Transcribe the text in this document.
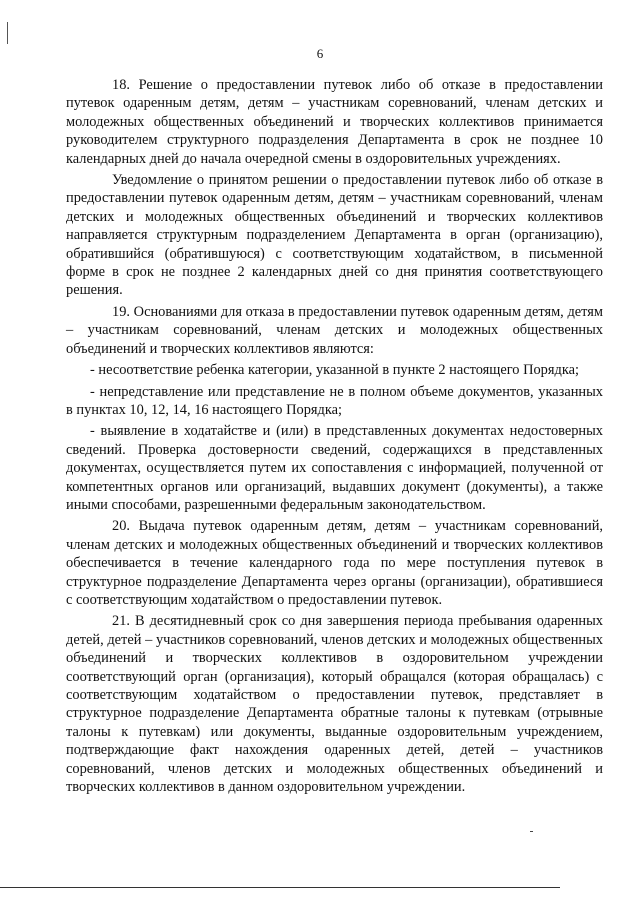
6

18. Решение о предоставлении путевок либо об отказе в предоставлении путевок одаренным детям, детям – участникам соревнований, членам детских и молодежных общественных объединений и творческих коллективов принимается руководителем структурного подразделения Департамента в срок не позднее 10 календарных дней до начала очередной смены в оздоровительных учреждениях.

Уведомление о принятом решении о предоставлении путевок либо об отказе в предоставлении путевок одаренным детям, детям – участникам соревнований, членам детских и молодежных общественных объединений и творческих коллективов направляется структурным подразделением Департамента в орган (организацию), обратившийся (обратившуюся) с соответствующим ходатайством, в письменной форме в срок не позднее 2 календарных дней со дня принятия соответствующего решения.

19. Основаниями для отказа в предоставлении путевок одаренным детям, детям – участникам соревнований, членам детских и молодежных общественных объединений и творческих коллективов являются:

- несоответствие ребенка категории, указанной в пункте 2 настоящего Порядка;

- непредставление или представление не в полном объеме документов, указанных в пунктах 10, 12, 14, 16 настоящего Порядка;

- выявление в ходатайстве и (или) в представленных документах недостоверных сведений. Проверка достоверности сведений, содержащихся в представленных документах, осуществляется путем их сопоставления с информацией, полученной от компетентных органов или организаций, выдавших документ (документы), а также иными способами, разрешенными федеральным законодательством.

20. Выдача путевок одаренным детям, детям – участникам соревнований, членам детских и молодежных общественных объединений и творческих коллективов обеспечивается в течение календарного года по мере поступления путевок в структурное подразделение Департамента через органы (организации), обратившиеся с соответствующим ходатайством о предоставлении путевок.

21. В десятидневный срок со дня завершения периода пребывания одаренных детей, детей – участников соревнований, членов детских и молодежных общественных объединений и творческих коллективов в оздоровительном учреждении соответствующий орган (организация), который обращался (которая обращалась) с соответствующим ходатайством о предоставлении путевок, представляет в структурное подразделение Департамента обратные талоны к путевкам (отрывные талоны к путевкам) или документы, выданные оздоровительным учреждением, подтверждающие факт нахождения одаренных детей, детей – участников соревнований, членов детских и молодежных общественных объединений и творческих коллективов в данном оздоровительном учреждении.
